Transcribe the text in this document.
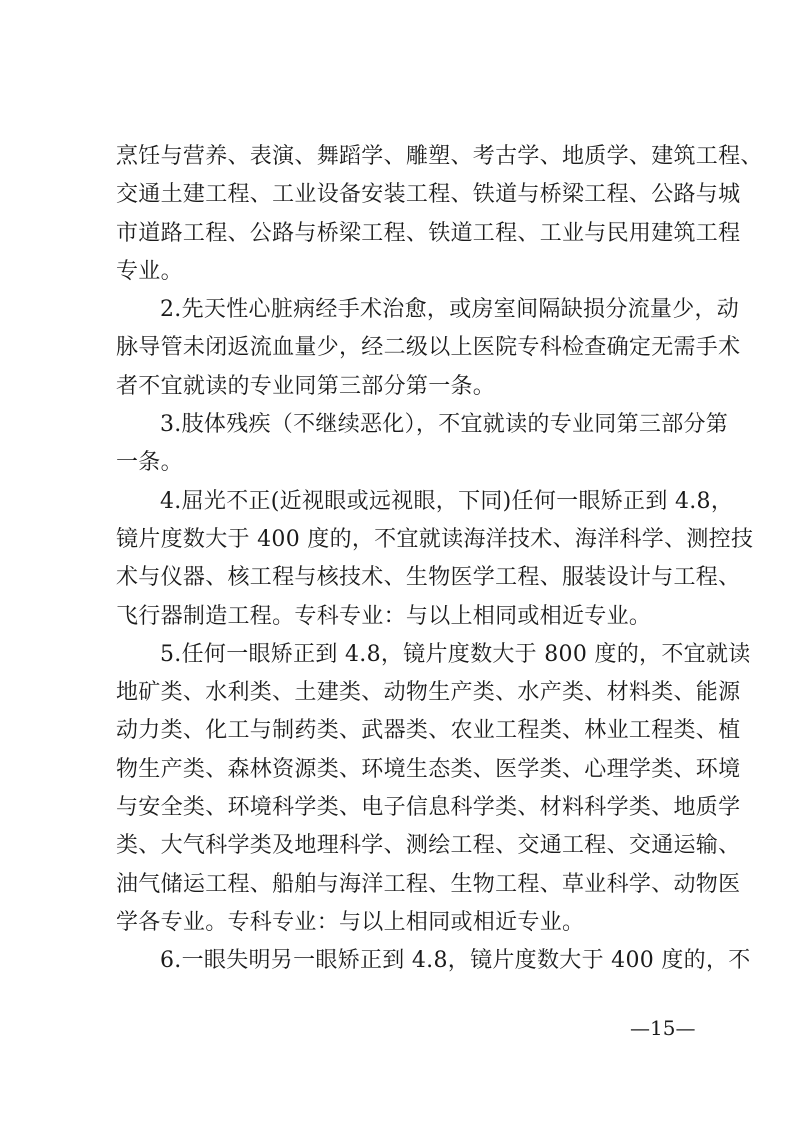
烹饪与营养、表演、舞蹈学、雕塑、考古学、地质学、建筑工程、
交通土建工程、工业设备安装工程、铁道与桥梁工程、公路与城
市道路工程、公路与桥梁工程、铁道工程、工业与民用建筑工程
专业。
2.先天性心脏病经手术治愈，或房室间隔缺损分流量少，动
脉导管未闭返流血量少，经二级以上医院专科检查确定无需手术
者不宜就读的专业同第三部分第一条。
3.肢体残疾（不继续恶化），不宜就读的专业同第三部分第
一条。
4.屈光不正(近视眼或远视眼，下同)任何一眼矫正到 4.8，
镜片度数大于 400 度的，不宜就读海洋技术、海洋科学、测控技
术与仪器、核工程与核技术、生物医学工程、服装设计与工程、
飞行器制造工程。专科专业：与以上相同或相近专业。
5.任何一眼矫正到 4.8，镜片度数大于 800 度的，不宜就读
地矿类、水利类、土建类、动物生产类、水产类、材料类、能源
动力类、化工与制药类、武器类、农业工程类、林业工程类、植
物生产类、森林资源类、环境生态类、医学类、心理学类、环境
与安全类、环境科学类、电子信息科学类、材料科学类、地质学
类、大气科学类及地理科学、测绘工程、交通工程、交通运输、
油气储运工程、船舶与海洋工程、生物工程、草业科学、动物医
学各专业。专科专业：与以上相同或相近专业。
6.一眼失明另一眼矫正到 4.8，镜片度数大于 400 度的，不
—15—
